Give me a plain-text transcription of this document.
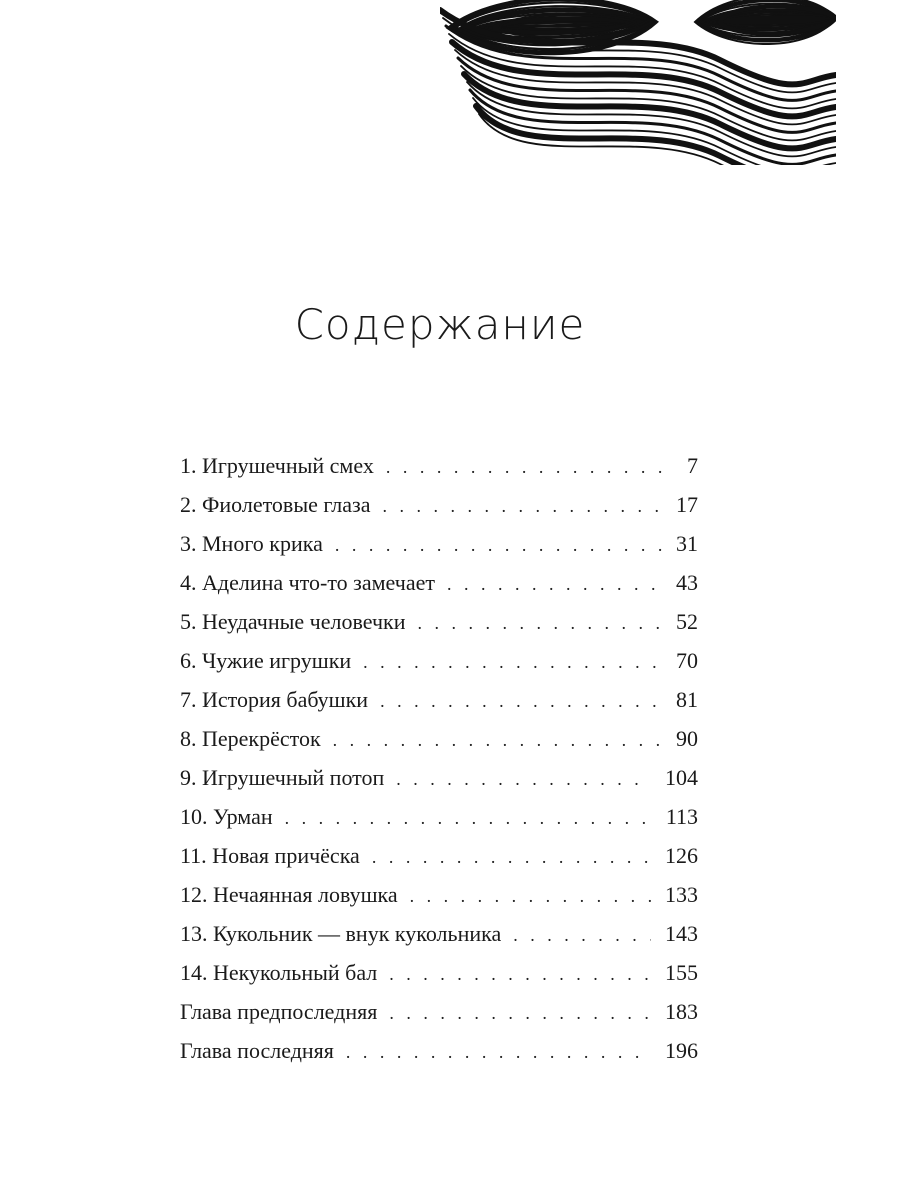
Содержание
1. Игрушечный смех . . .	7
2. Фиолетовые глаза . . .	17
3. Много крика . . .	31
4. Аделина что-то замечает . . .	43
5. Неудачные человечки . . .	52
6. Чужие игрушки . . .	70
7. История бабушки . . .	81
8. Перекрёсток . . .	90
9. Игрушечный потоп . . .	104
10. Урман . . .	113
11. Новая причёска . . .	126
12. Нечаянная ловушка . . .	133
13. Кукольник — внук кукольника . . .	143
14. Некукольный бал . . .	155
Глава предпоследняя . . .	183
Глава последняя . . .	196
